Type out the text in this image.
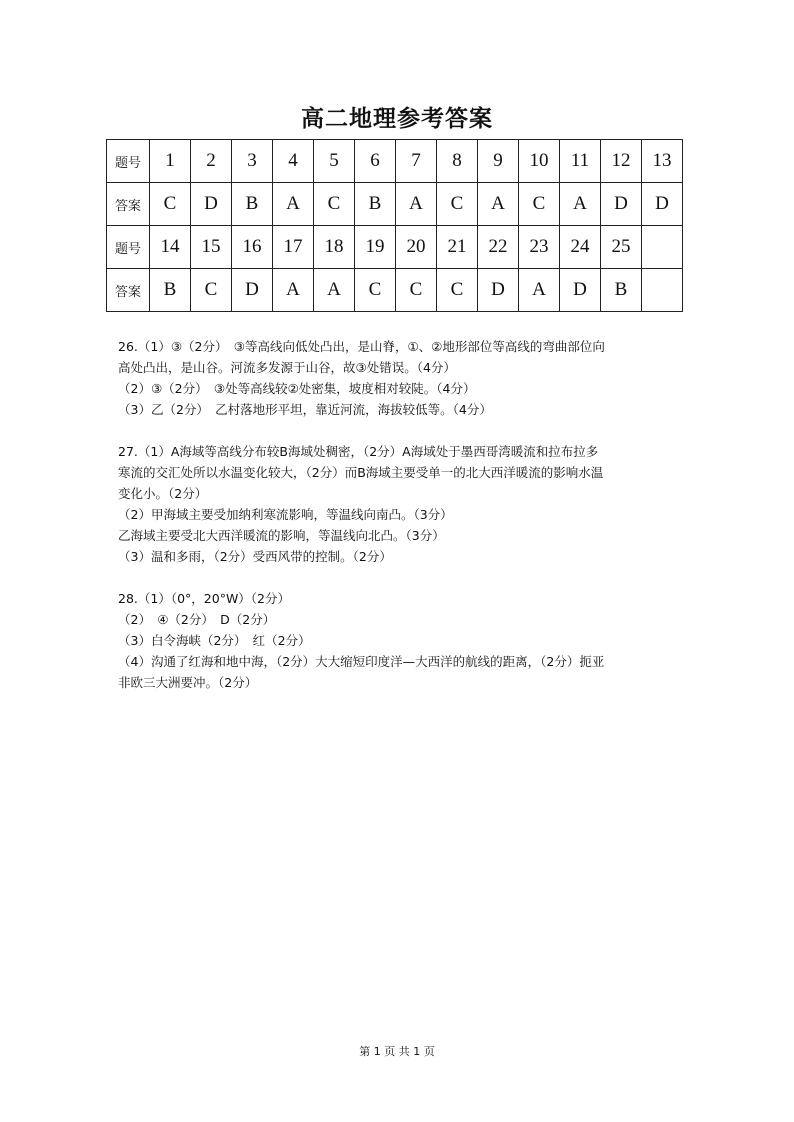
高二地理参考答案
题号	1	2	3	4	5	6	7	8	9	10	11	12	13
答案	C	D	B	A	C	B	A	C	A	C	A	D	D
题号	14	15	16	17	18	19	20	21	22	23	24	25	
答案	B	C	D	A	A	C	C	C	D	A	D	B	

26.（1）③（2分）　③等高线向低处凸出，是山脊，①、②地形部位等高线的弯曲部位向

高处凸出，是山谷。河流多发源于山谷，故③处错误。（4分）

（2）③（2分）　③处等高线较②处密集，坡度相对较陡。（4分）

（3）乙（2分）　乙村落地形平坦，靠近河流，海拔较低等。（4分）

27.（1）A海域等高线分布较B海域处稠密，（2分）A海域处于墨西哥湾暖流和拉布拉多

寒流的交汇处所以水温变化较大，（2分）而B海域主要受单一的北大西洋暖流的影响水温

变化小。（2分）

（2）甲海域主要受加纳利寒流影响，等温线向南凸。（3分）

乙海域主要受北大西洋暖流的影响，等温线向北凸。（3分）

（3）温和多雨，（2分）受西风带的控制。（2分）

28.（1）（0°，20°W）（2分）

（2）　④（2分）　D（2分）

（3）白令海峡（2分）　红（2分）

（4）沟通了红海和地中海，（2分）大大缩短印度洋—大西洋的航线的距离，（2分）扼亚

非欧三大洲要冲。（2分）

第 1 页 共 1 页
